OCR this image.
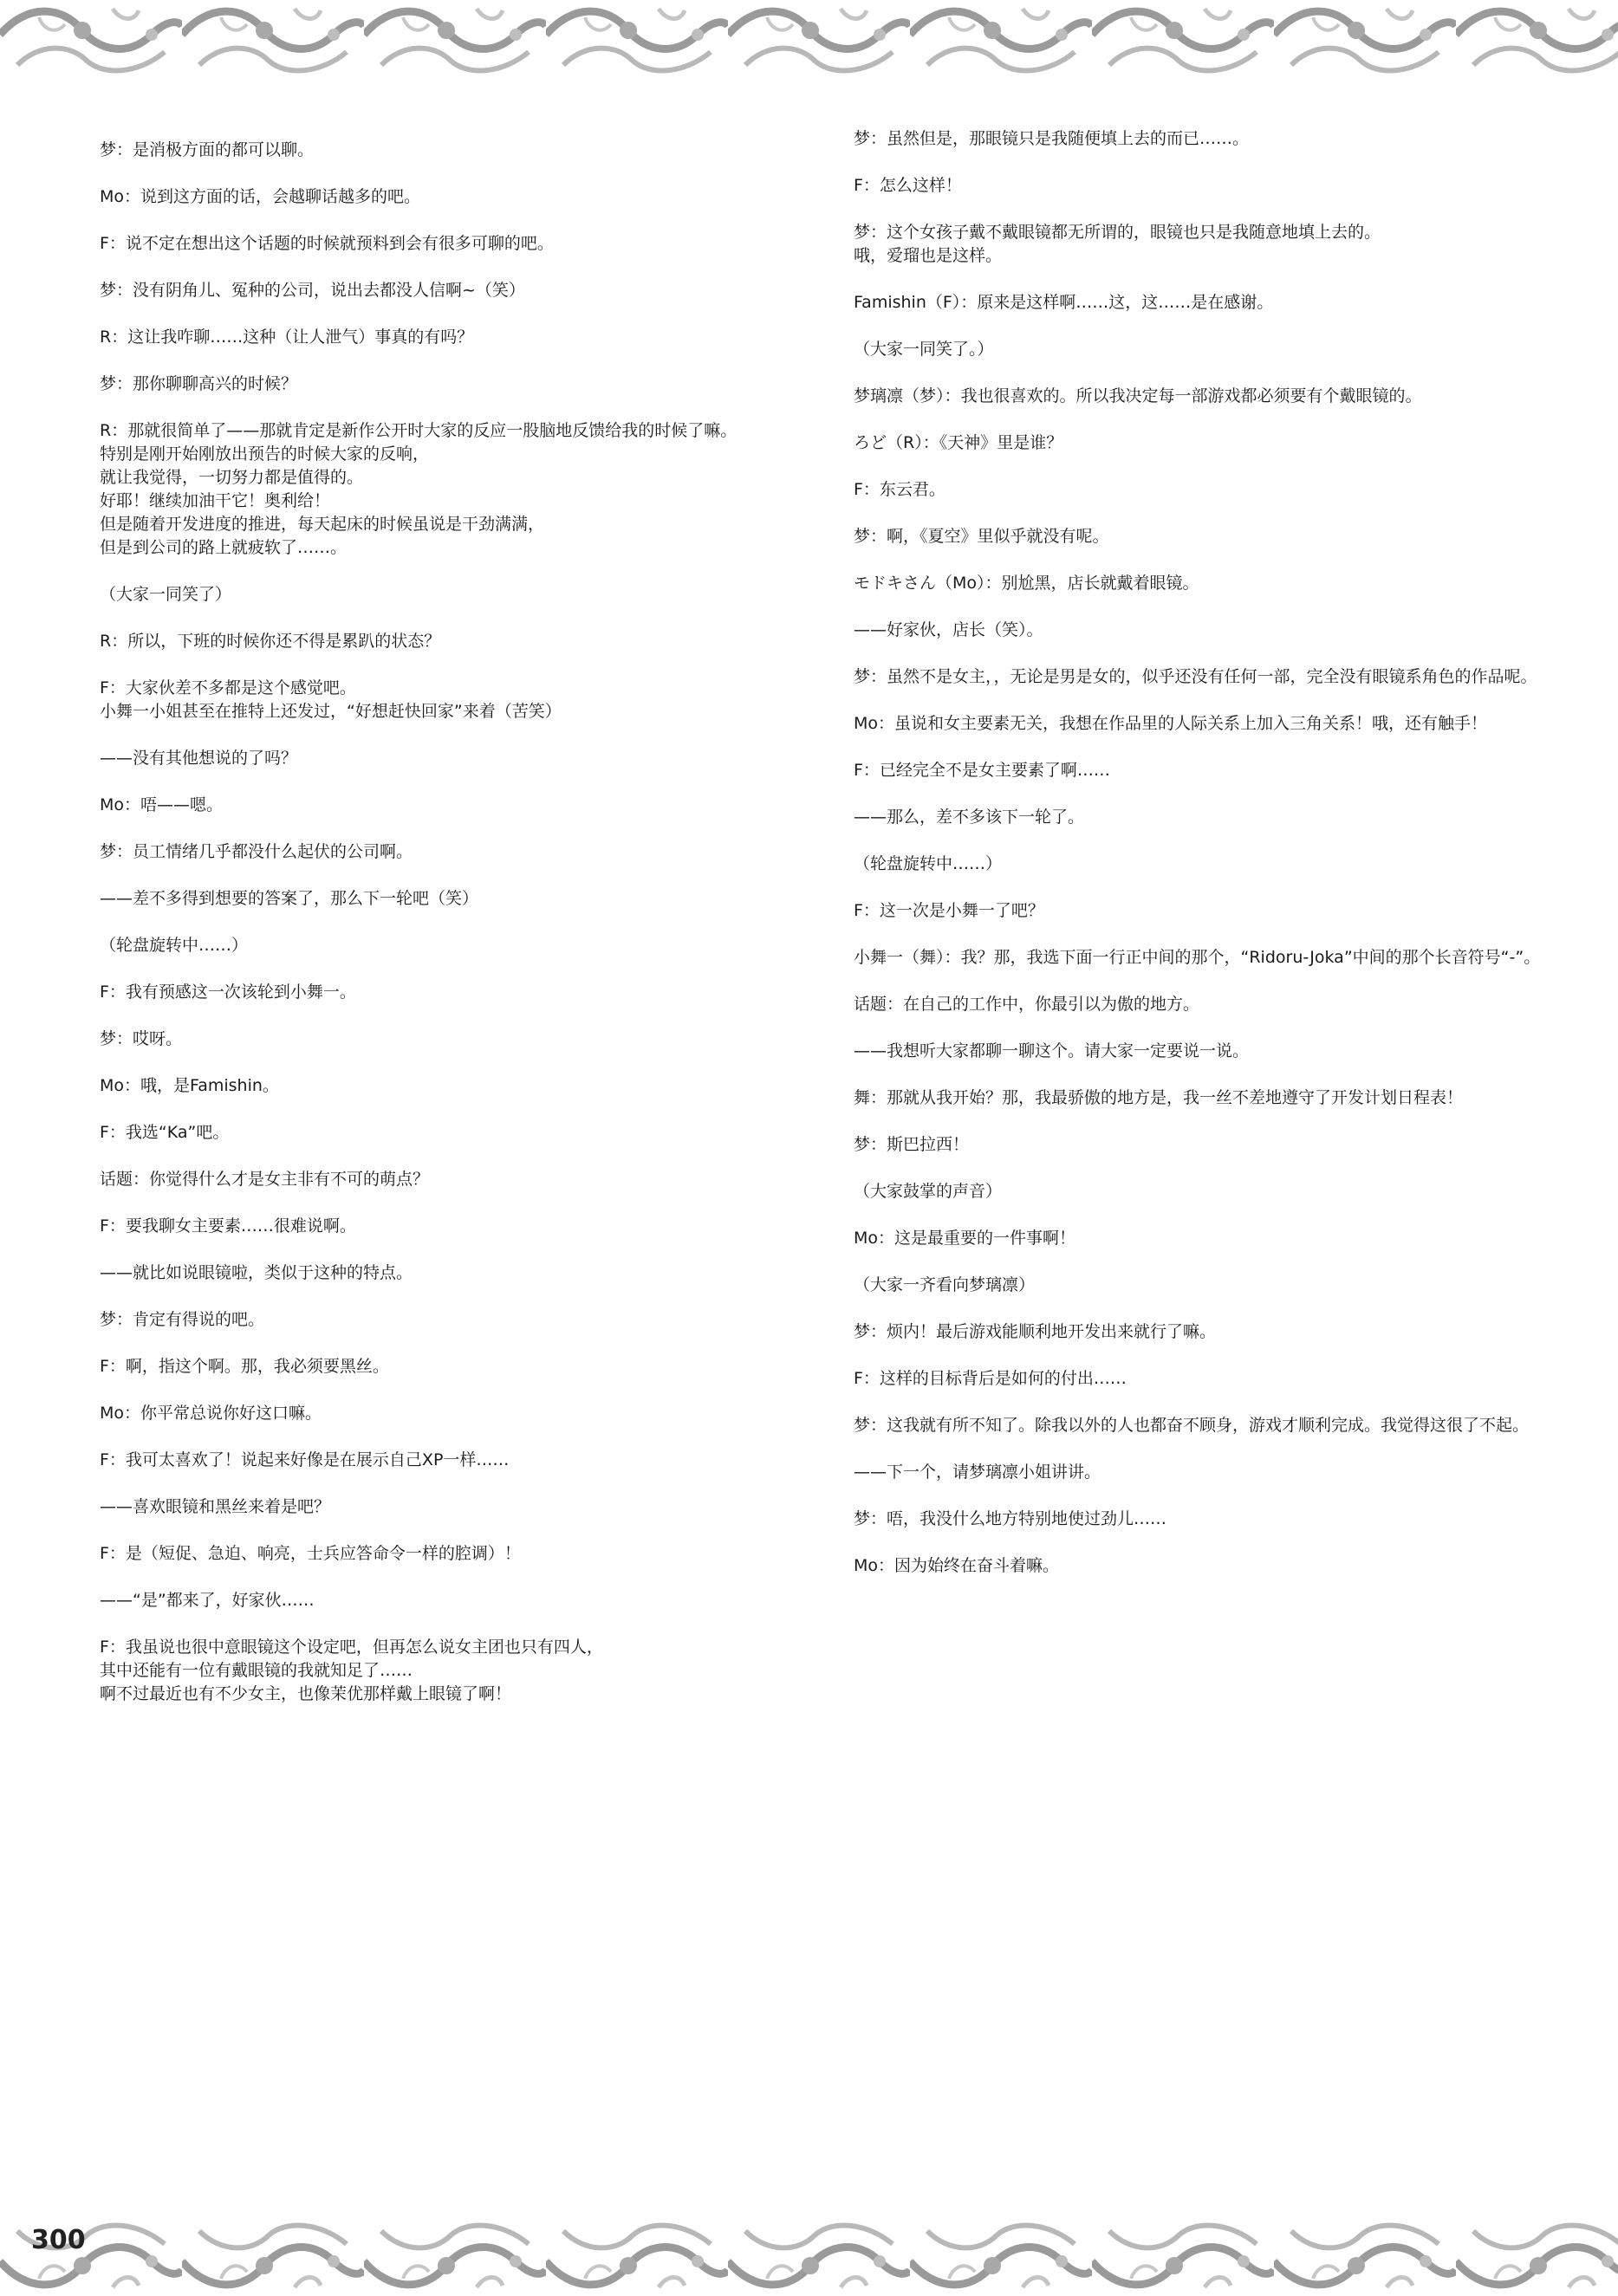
梦：是消极方面的都可以聊。

Mo：说到这方面的话，会越聊话越多的吧。

F：说不定在想出这个话题的时候就预料到会有很多可聊的吧。

梦：没有阴角儿、冤种的公司，说出去都没人信啊~（笑）

R：这让我咋聊……这种（让人泄气）事真的有吗？

梦：那你聊聊高兴的时候？

R：那就很简单了——那就肯定是新作公开时大家的反应一股脑地反馈给我的时候了嘛。
特别是刚开始刚放出预告的时候大家的反响，
就让我觉得，一切努力都是值得的。
好耶！继续加油干它！奥利给！
但是随着开发进度的推进，每天起床的时候虽说是干劲满满，
但是到公司的路上就疲软了……。

（大家一同笑了）

R：所以，下班的时候你还不得是累趴的状态？

F：大家伙差不多都是这个感觉吧。
小舞一小姐甚至在推特上还发过，“好想赶快回家”来着（苦笑）

——没有其他想说的了吗？

Mo：唔——嗯。

梦：员工情绪几乎都没什么起伏的公司啊。

——差不多得到想要的答案了，那么下一轮吧（笑）

（轮盘旋转中……）

F：我有预感这一次该轮到小舞一。

梦：哎呀。

Mo：哦，是Famishin。

F：我选“Ka”吧。

话题：你觉得什么才是女主非有不可的萌点？

F：要我聊女主要素……很难说啊。

——就比如说眼镜啦，类似于这种的特点。

梦：肯定有得说的吧。

F：啊，指这个啊。那，我必须要黑丝。

Mo：你平常总说你好这口嘛。

F：我可太喜欢了！说起来好像是在展示自己XP一样……

——喜欢眼镜和黑丝来着是吧？

F：是（短促、急迫、响亮，士兵应答命令一样的腔调）！

——“是”都来了，好家伙……

F：我虽说也很中意眼镜这个设定吧，但再怎么说女主团也只有四人，
其中还能有一位有戴眼镜的我就知足了……
啊不过最近也有不少女主，也像茉优那样戴上眼镜了啊！

梦：虽然但是，那眼镜只是我随便填上去的而已……。

F：怎么这样！

梦：这个女孩子戴不戴眼镜都无所谓的，眼镜也只是我随意地填上去的。
哦，爱瑠也是这样。

Famishin（F）：原来是这样啊……这，这……是在感谢。

（大家一同笑了。）

梦璃凛（梦）：我也很喜欢的。所以我决定每一部游戏都必须要有个戴眼镜的。

ろど（R）：《天神》里是谁？

F：东云君。

梦：啊，《夏空》里似乎就没有呢。

モドキさん（Mo）：别尬黑，店长就戴着眼镜。

——好家伙，店长（笑）。

梦：虽然不是女主，，无论是男是女的，似乎还没有任何一部，完全没有眼镜系角色的作品呢。

Mo：虽说和女主要素无关，我想在作品里的人际关系上加入三角关系！哦，还有触手！

F：已经完全不是女主要素了啊……

——那么，差不多该下一轮了。

（轮盘旋转中……）

F：这一次是小舞一了吧？

小舞一（舞）：我？那，我选下面一行正中间的那个，“Ridoru-Joka”中间的那个长音符号“-”。

话题：在自己的工作中，你最引以为傲的地方。

——我想听大家都聊一聊这个。请大家一定要说一说。

舞：那就从我开始？那，我最骄傲的地方是，我一丝不差地遵守了开发计划日程表！

梦：斯巴拉西！

（大家鼓掌的声音）

Mo：这是最重要的一件事啊！

（大家一齐看向梦璃凛）

梦：烦内！最后游戏能顺利地开发出来就行了嘛。

F：这样的目标背后是如何的付出……

梦：这我就有所不知了。除我以外的人也都奋不顾身，游戏才顺利完成。我觉得这很了不起。

——下一个，请梦璃凛小姐讲讲。

梦：唔，我没什么地方特别地使过劲儿……

Mo：因为始终在奋斗着嘛。

300
